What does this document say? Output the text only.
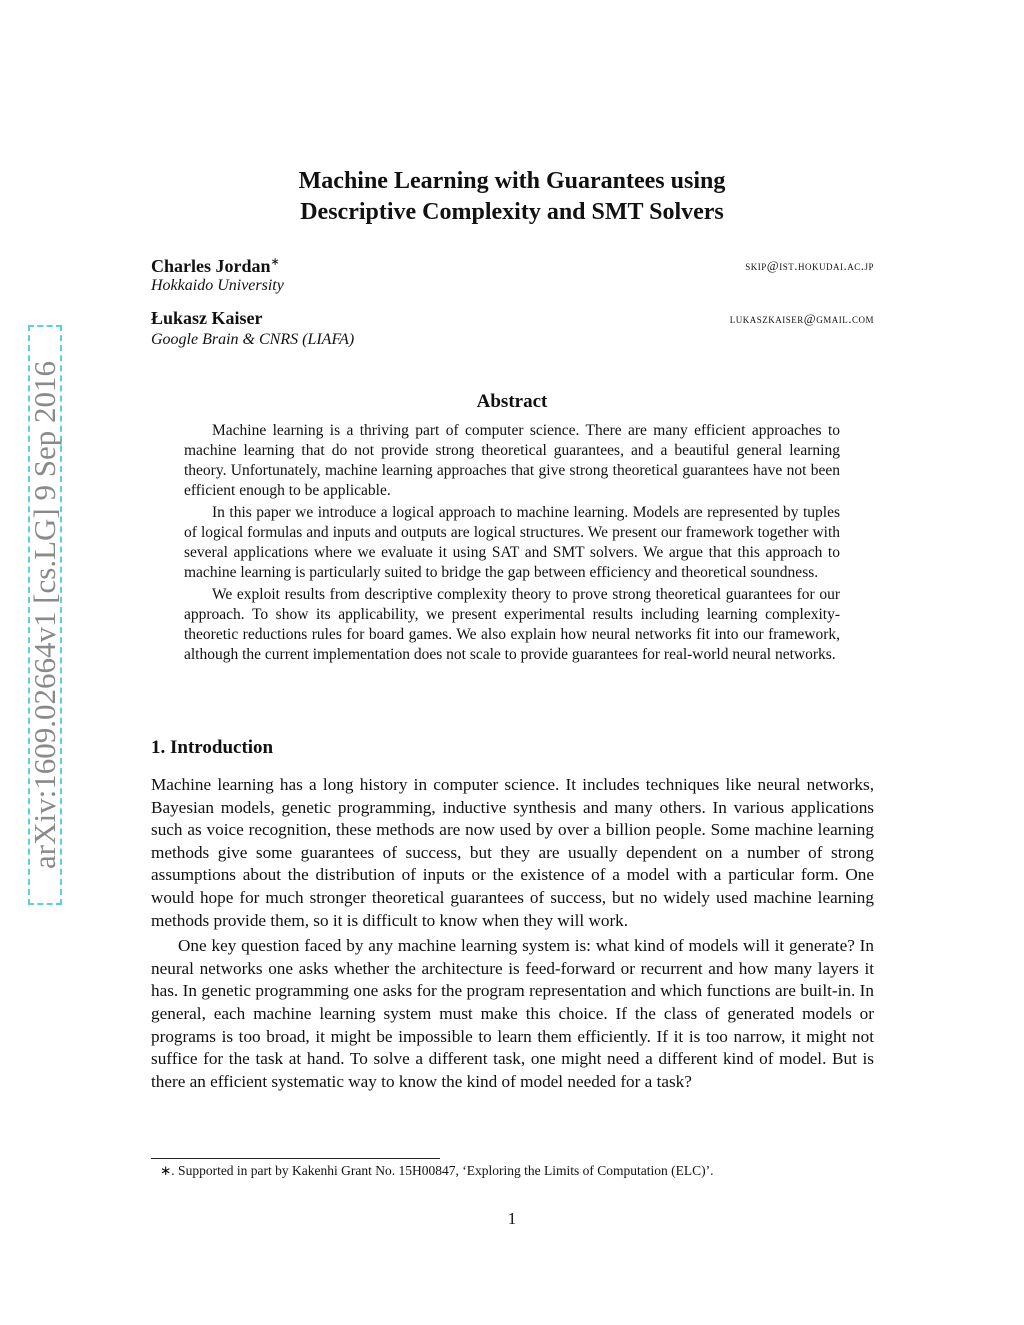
arXiv:1609.02664v1 [cs.LG] 9 Sep 2016
Machine Learning with Guarantees using
Descriptive Complexity and SMT Solvers
Charles Jordan∗
Hokkaido University
skip@ist.hokudai.ac.jp
Łukasz Kaiser
Google Brain & CNRS (LIAFA)
lukaszkaiser@gmail.com
Abstract

Machine learning is a thriving part of computer science. There are many efficient approaches to machine learning that do not provide strong theoretical guarantees, and a beautiful general learning theory. Unfortunately, machine learning approaches that give strong theoretical guarantees have not been efficient enough to be applicable.

In this paper we introduce a logical approach to machine learning. Models are represented by tuples of logical formulas and inputs and outputs are logical structures. We present our framework together with several applications where we evaluate it using SAT and SMT solvers. We argue that this approach to machine learning is particularly suited to bridge the gap between efficiency and theoretical soundness.

We exploit results from descriptive complexity theory to prove strong theoretical guarantees for our approach. To show its applicability, we present experimental results including learning complexity-theoretic reductions rules for board games. We also explain how neural networks fit into our framework, although the current implementation does not scale to provide guarantees for real-world neural networks.

1. Introduction

Machine learning has a long history in computer science. It includes techniques like neural networks, Bayesian models, genetic programming, inductive synthesis and many others. In various applications such as voice recognition, these methods are now used by over a billion people. Some machine learning methods give some guarantees of success, but they are usually dependent on a number of strong assumptions about the distribution of inputs or the existence of a model with a particular form. One would hope for much stronger theoretical guarantees of success, but no widely used machine learning methods provide them, so it is difficult to know when they will work.

One key question faced by any machine learning system is: what kind of models will it generate? In neural networks one asks whether the architecture is feed-forward or recurrent and how many layers it has. In genetic programming one asks for the program representation and which functions are built-in. In general, each machine learning system must make this choice. If the class of generated models or programs is too broad, it might be impossible to learn them efficiently. If it is too narrow, it might not suffice for the task at hand. To solve a different task, one might need a different kind of model. But is there an efficient systematic way to know the kind of model needed for a task?

∗. Supported in part by Kakenhi Grant No. 15H00847, ‘Exploring the Limits of Computation (ELC)’.
1
